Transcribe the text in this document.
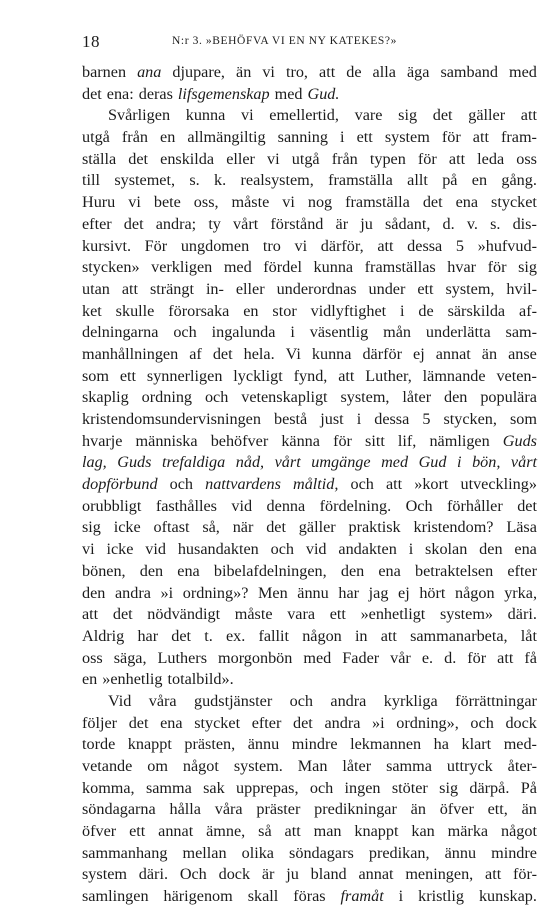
18	N:r 3. »BEHÖFVA VI EN NY KATEKES?»
barnen ana djupare, än vi tro, att de alla äga samband med
det ena: deras lifsgemenskap med Gud.
Svårligen kunna vi emellertid, vare sig det gäller att
utgå från en allmängiltig sanning i ett system för att fram-
ställa det enskilda eller vi utgå från typen för att leda oss
till systemet, s. k. realsystem, framställa allt på en gång.
Huru vi bete oss, måste vi nog framställa det ena stycket
efter det andra; ty vårt förstånd är ju sådant, d. v. s. dis-
kursivt. För ungdomen tro vi därför, att dessa 5 »hufvud-
stycken» verkligen med fördel kunna framställas hvar för sig
utan att strängt in- eller underordnas under ett system, hvil-
ket skulle förorsaka en stor vidlyftighet i de särskilda af-
delningarna och ingalunda i väsentlig mån underlätta sam-
manhållningen af det hela. Vi kunna därför ej annat än anse
som ett synnerligen lyckligt fynd, att Luther, lämnande veten-
skaplig ordning och vetenskapligt system, låter den populära
kristendomsundervisningen bestå just i dessa 5 stycken, som
hvarje människa behöfver känna för sitt lif, nämligen Guds
lag, Guds trefaldiga nåd, vårt umgänge med Gud i bön, vårt
dopförbund och nattvardens måltid, och att »kort utveckling»
orubbligt fasthålles vid denna fördelning. Och förhåller det
sig icke oftast så, när det gäller praktisk kristendom? Läsa
vi icke vid husandakten och vid andakten i skolan den ena
bönen, den ena bibelafdelningen, den ena betraktelsen efter
den andra »i ordning»? Men ännu har jag ej hört någon yrka,
att det nödvändigt måste vara ett »enhetligt system» däri.
Aldrig har det t. ex. fallit någon in att sammanarbeta, låt
oss säga, Luthers morgonbön med Fader vår e. d. för att få
en »enhetlig totalbild».
Vid våra gudstjänster och andra kyrkliga förrättningar
följer det ena stycket efter det andra »i ordning», och dock
torde knappt prästen, ännu mindre lekmannen ha klart med-
vetande om något system. Man låter samma uttryck åter-
komma, samma sak upprepas, och ingen stöter sig därpå. På
söndagarna hålla våra präster predikningar än öfver ett, än
öfver ett annat ämne, så att man knappt kan märka något
sammanhang mellan olika söndagars predikan, ännu mindre
system däri. Och dock är ju bland annat meningen, att för-
samlingen härigenom skall föras framåt i kristlig kunskap.
